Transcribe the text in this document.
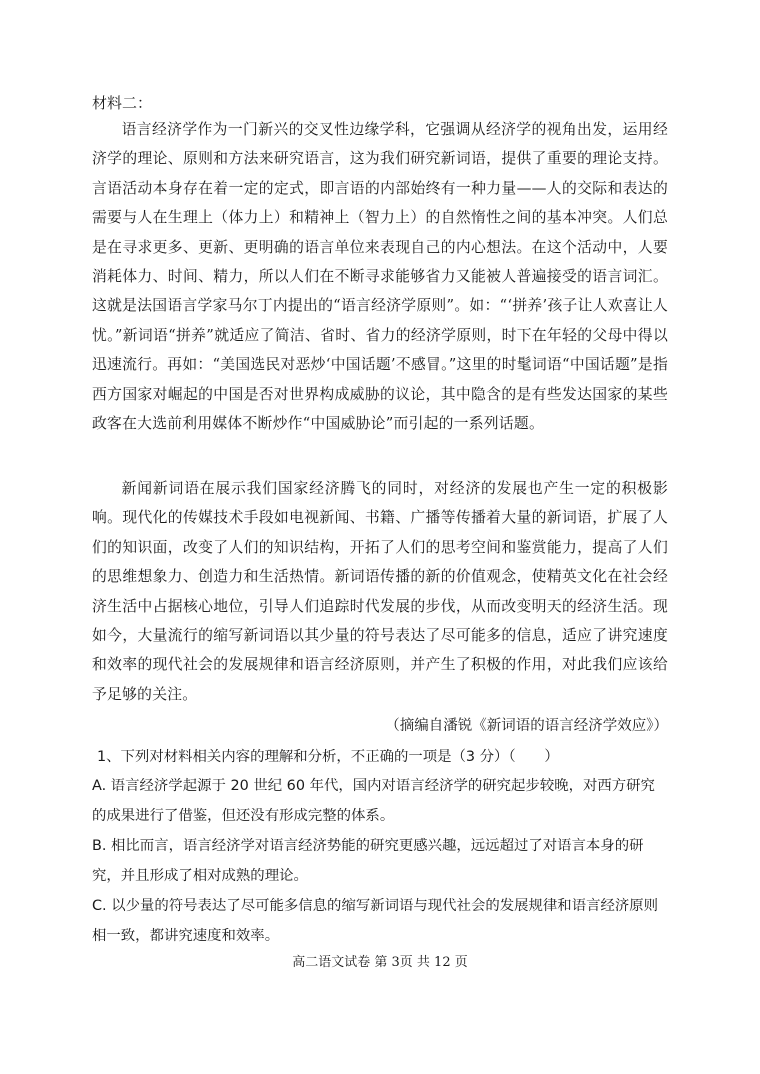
材料二：

语言经济学作为一门新兴的交叉性边缘学科，它强调从经济学的视角出发，运用经济学的理论、原则和方法来研究语言，这为我们研究新词语，提供了重要的理论支持。言语活动本身存在着一定的定式，即言语的内部始终有一种力量——人的交际和表达的需要与人在生理上（体力上）和精神上（智力上）的自然惰性之间的基本冲突。人们总是在寻求更多、更新、更明确的语言单位来表现自己的内心想法。在这个活动中，人要消耗体力、时间、精力，所以人们在不断寻求能够省力又能被人普遍接受的语言词汇。这就是法国语言学家马尔丁内提出的“语言经济学原则”。如：“‘拼养’孩子让人欢喜让人忧。”新词语“拼养”就适应了简洁、省时、省力的经济学原则，时下在年轻的父母中得以迅速流行。再如：“美国选民对恶炒‘中国话题’不感冒。”这里的时髦词语“中国话题”是指西方国家对崛起的中国是否对世界构成威胁的议论，其中隐含的是有些发达国家的某些政客在大选前利用媒体不断炒作“中国威胁论”而引起的一系列话题。

新闻新词语在展示我们国家经济腾飞的同时，对经济的发展也产生一定的积极影响。现代化的传媒技术手段如电视新闻、书籍、广播等传播着大量的新词语，扩展了人们的知识面，改变了人们的知识结构，开拓了人们的思考空间和鉴赏能力，提高了人们的思维想象力、创造力和生活热情。新词语传播的新的价值观念，使精英文化在社会经济生活中占据核心地位，引导人们追踪时代发展的步伐，从而改变明天的经济生活。现如今，大量流行的缩写新词语以其少量的符号表达了尽可能多的信息，适应了讲究速度和效率的现代社会的发展规律和语言经济原则，并产生了积极的作用，对此我们应该给予足够的关注。

（摘编自潘锐《新词语的语言经济学效应》）
1、下列对材料相关内容的理解和分析，不正确的一项是（3 分）（　　）
A. 语言经济学起源于 20 世纪 60 年代，国内对语言经济学的研究起步较晚，对西方研究的成果进行了借鉴，但还没有形成完整的体系。
B. 相比而言，语言经济学对语言经济势能的研究更感兴趣，远远超过了对语言本身的研究，并且形成了相对成熟的理论。
C. 以少量的符号表达了尽可能多信息的缩写新词语与现代社会的发展规律和语言经济原则相一致，都讲究速度和效率。
高二语文试卷 第 3页 共 12 页
